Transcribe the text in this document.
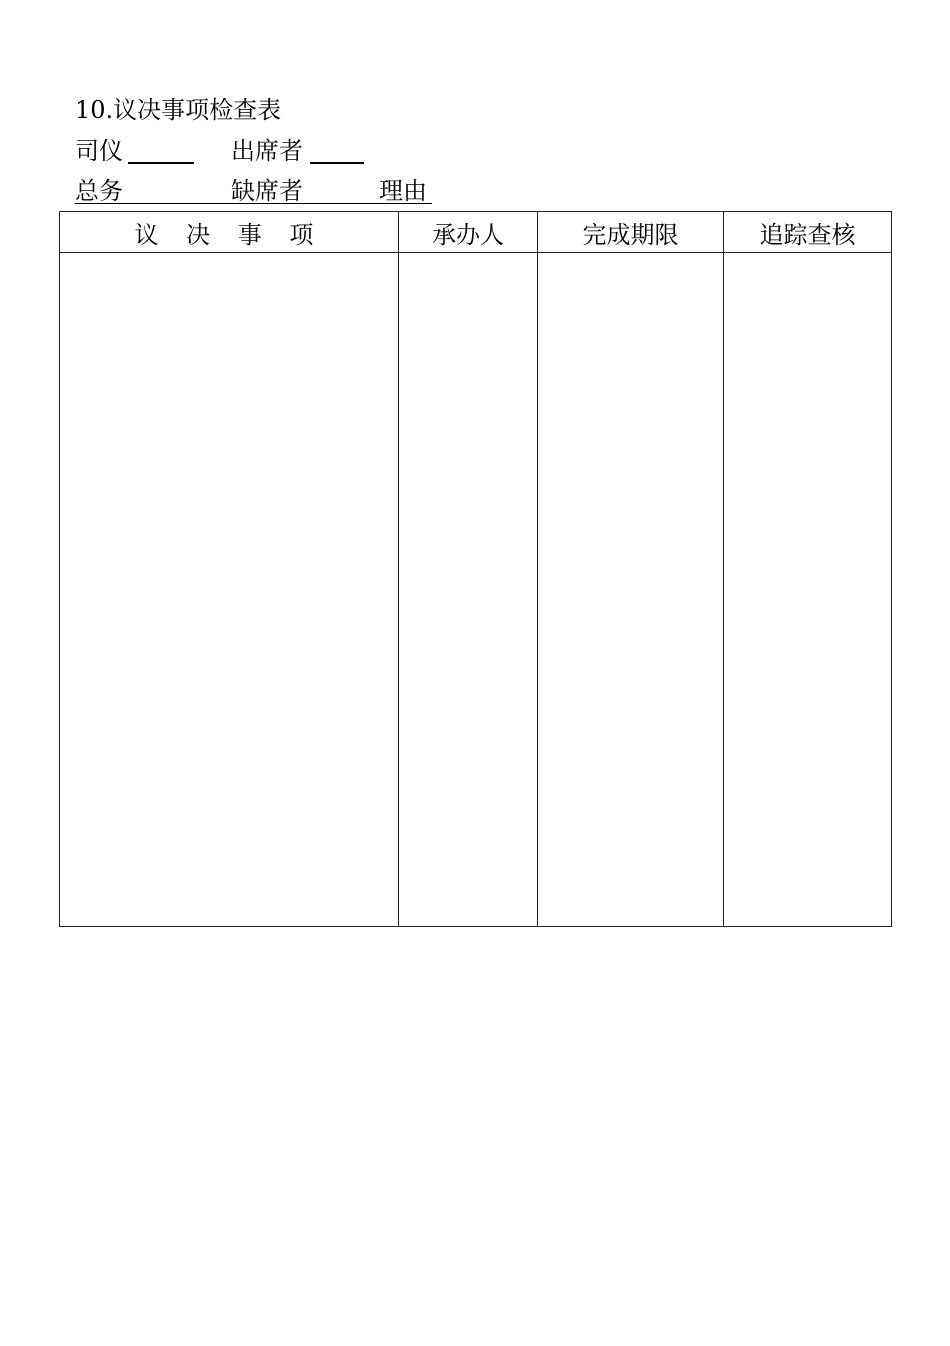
10.议决事项检查表
司仪	出席者
总务	缺席者	理由
议 决 事 项	承办人	完成期限	追踪查核
